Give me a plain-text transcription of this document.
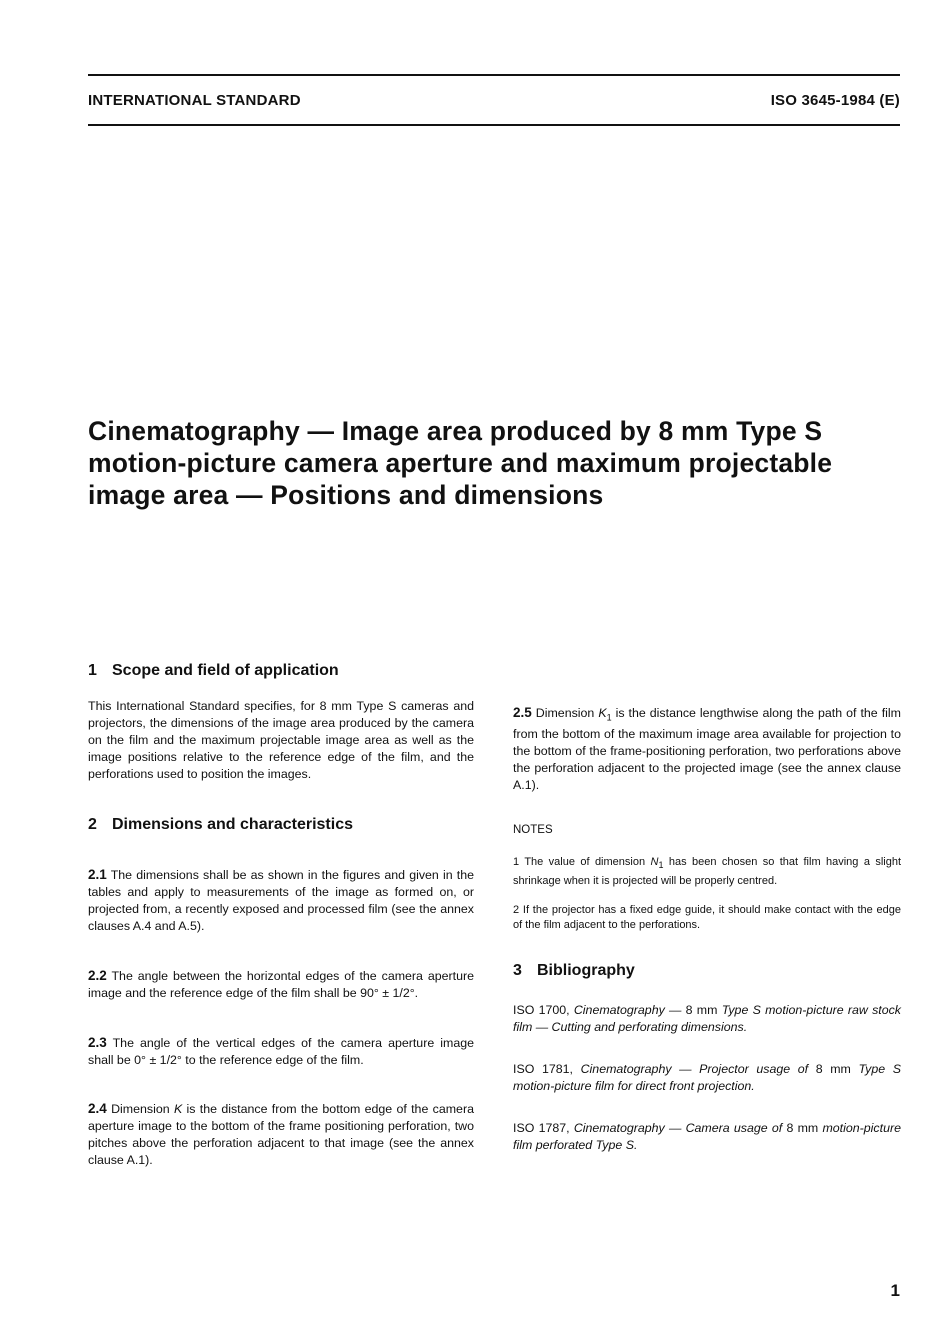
INTERNATIONAL STANDARD	ISO 3645-1984 (E)
Cinematography — Image area produced by 8 mm Type S motion-picture camera aperture and maximum projectable image area — Positions and dimensions
1 Scope and field of application

This International Standard specifies, for 8 mm Type S cameras and projectors, the dimensions of the image area produced by the camera on the film and the maximum projectable image area as well as the image positions relative to the reference edge of the film, and the perforations used to position the images.

2 Dimensions and characteristics

2.1 The dimensions shall be as shown in the figures and given in the tables and apply to measurements of the image as formed on, or projected from, a recently exposed and processed film (see the annex clauses A.4 and A.5).

2.2 The angle between the horizontal edges of the camera aperture image and the reference edge of the film shall be 90° ± 1/2°.

2.3 The angle of the vertical edges of the camera aperture image shall be 0° ± 1/2° to the reference edge of the film.

2.4 Dimension K is the distance from the bottom edge of the camera aperture image to the bottom of the frame positioning perforation, two pitches above the perforation adjacent to that image (see the annex clause A.1).

2.5 Dimension $K_1$ is the distance lengthwise along the path of the film from the bottom of the maximum image area available for projection to the bottom of the frame-positioning perforation, two perforations above the perforation adjacent to the projected image (see the annex clause A.1).

NOTES

1 The value of dimension $N_1$ has been chosen so that film having a slight shrinkage when it is projected will be properly centred.

2 If the projector has a fixed edge guide, it should make contact with the edge of the film adjacent to the perforations.

3 Bibliography

ISO 1700, Cinematography — 8 mm Type S motion-picture raw stock film — Cutting and perforating dimensions.

ISO 1781, Cinematography — Projector usage of 8 mm Type S motion-picture film for direct front projection.

ISO 1787, Cinematography — Camera usage of 8 mm motion-picture film perforated Type S.

1
